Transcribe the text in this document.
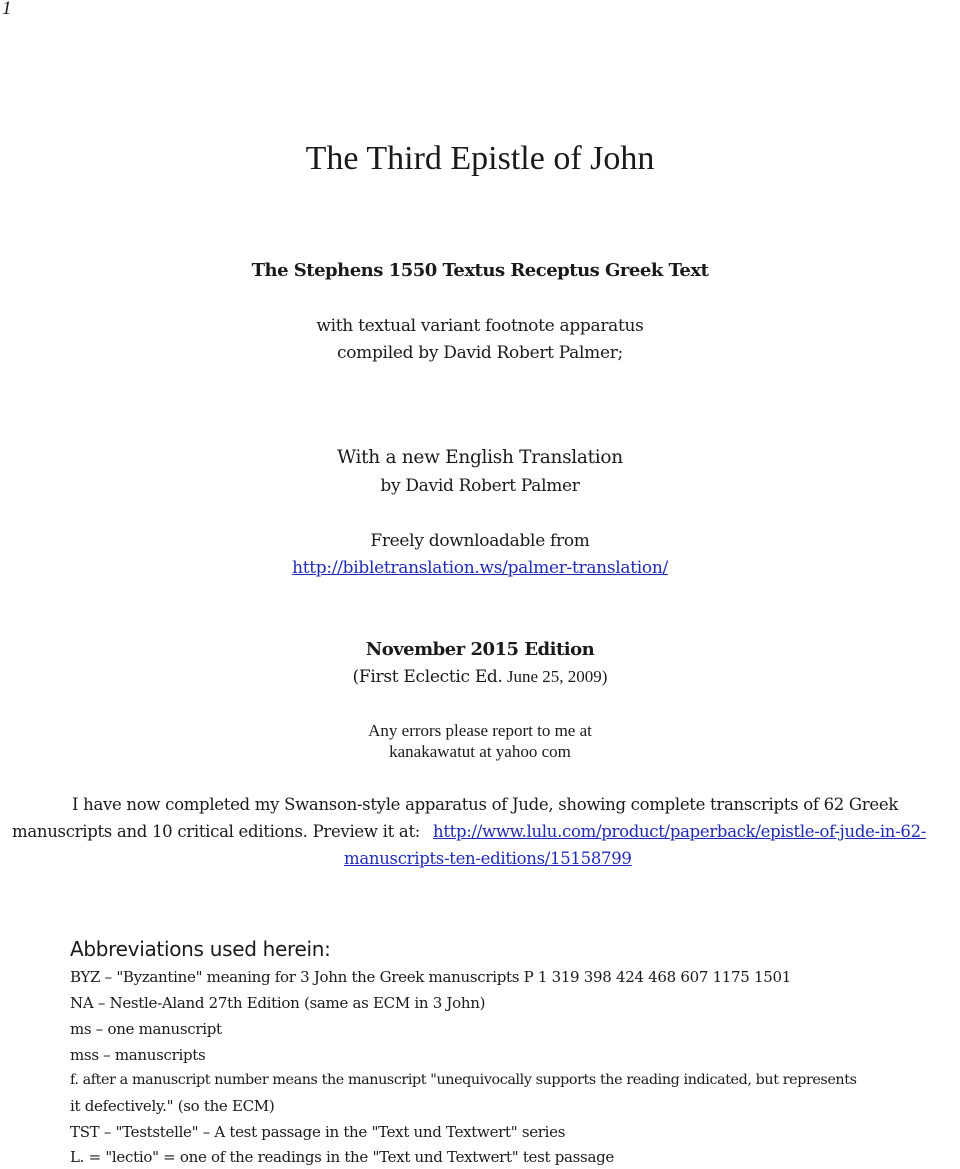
1
The Third Epistle of John
The Stephens 1550 Textus Receptus Greek Text
with textual variant footnote apparatus
compiled by David Robert Palmer;
With a new English Translation
by David Robert Palmer
Freely downloadable from
http://bibletranslation.ws/palmer-translation/
November 2015 Edition
(First Eclectic Ed. June 25, 2009)
Any errors please report to me at
kanakawatut at yahoo com
I have now completed my Swanson-style apparatus of Jude, showing complete transcripts of 62 Greek
manuscripts and 10 critical editions. Preview it at: http://www.lulu.com/product/paperback/epistle-of-jude-in-62-
manuscripts-ten-editions/15158799
Abbreviations used herein:
BYZ – "Byzantine" meaning for 3 John the Greek manuscripts P 1 319 398 424 468 607 1175 1501
NA – Nestle-Aland 27th Edition (same as ECM in 3 John)
ms – one manuscript
mss – manuscripts
f. after a manuscript number means the manuscript "unequivocally supports the reading indicated, but represents
it defectively." (so the ECM)
TST – "Teststelle" – A test passage in the "Text und Textwert" series
L. = "lectio" = one of the readings in the "Text und Textwert" test passage
